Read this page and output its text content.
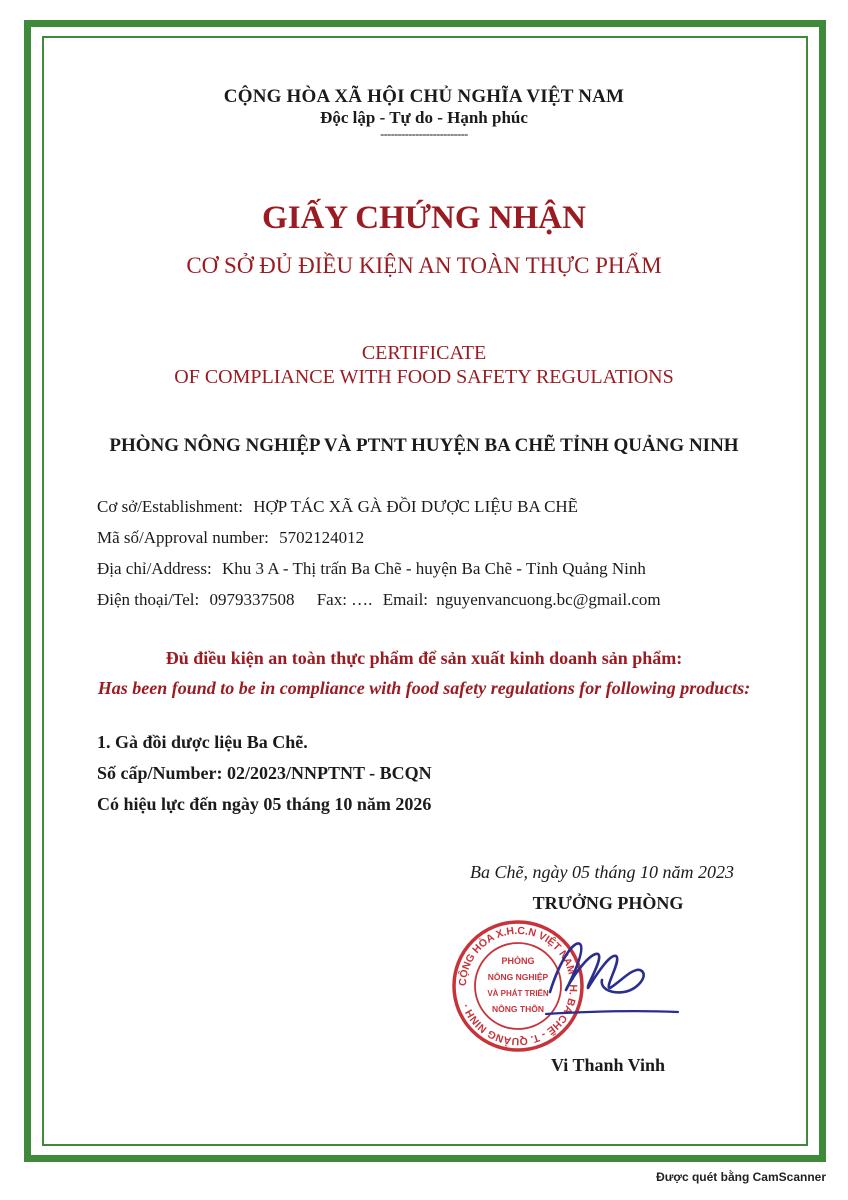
CỘNG HÒA XÃ HỘI CHỦ NGHĨA VIỆT NAM
Độc lập - Tự do - Hạnh phúc
-------------------------
GIẤY CHỨNG NHẬN
CƠ SỞ ĐỦ ĐIỀU KIỆN AN TOÀN THỰC PHẨM
CERTIFICATE
OF COMPLIANCE WITH FOOD SAFETY REGULATIONS
PHÒNG NÔNG NGHIỆP VÀ PTNT HUYỆN BA CHẼ TỈNH QUẢNG NINH
Cơ sở/Establishment: HỢP TÁC XÃ GÀ ĐỒI DƯỢC LIỆU BA CHẼ
Mã số/Approval number: 5702124012
Địa chỉ/Address: Khu 3 A - Thị trấn Ba Chẽ - huyện Ba Chẽ - Tỉnh Quảng Ninh
Điện thoại/Tel: 0979337508 Fax: …. Email: nguyenvancuong.bc@gmail.com
Đủ điều kiện an toàn thực phẩm để sản xuất kinh doanh sản phẩm:
Has been found to be in compliance with food safety regulations for following products:
1. Gà đồi dược liệu Ba Chẽ.
Số cấp/Number: 02/2023/NNPTNT - BCQN
Có hiệu lực đến ngày 05 tháng 10 năm 2026
Ba Chẽ, ngày 05 tháng 10 năm 2023
TRƯỞNG PHÒNG
CỘNG HÒA X.H.C.N VIỆT NAM · H. BA CHẼ - T. QUẢNG NINH ·
PHÒNG
NÔNG NGHIỆP
VÀ PHÁT TRIỂN
NÔNG THÔN
Vi Thanh Vinh
Được quét bằng CamScanner
